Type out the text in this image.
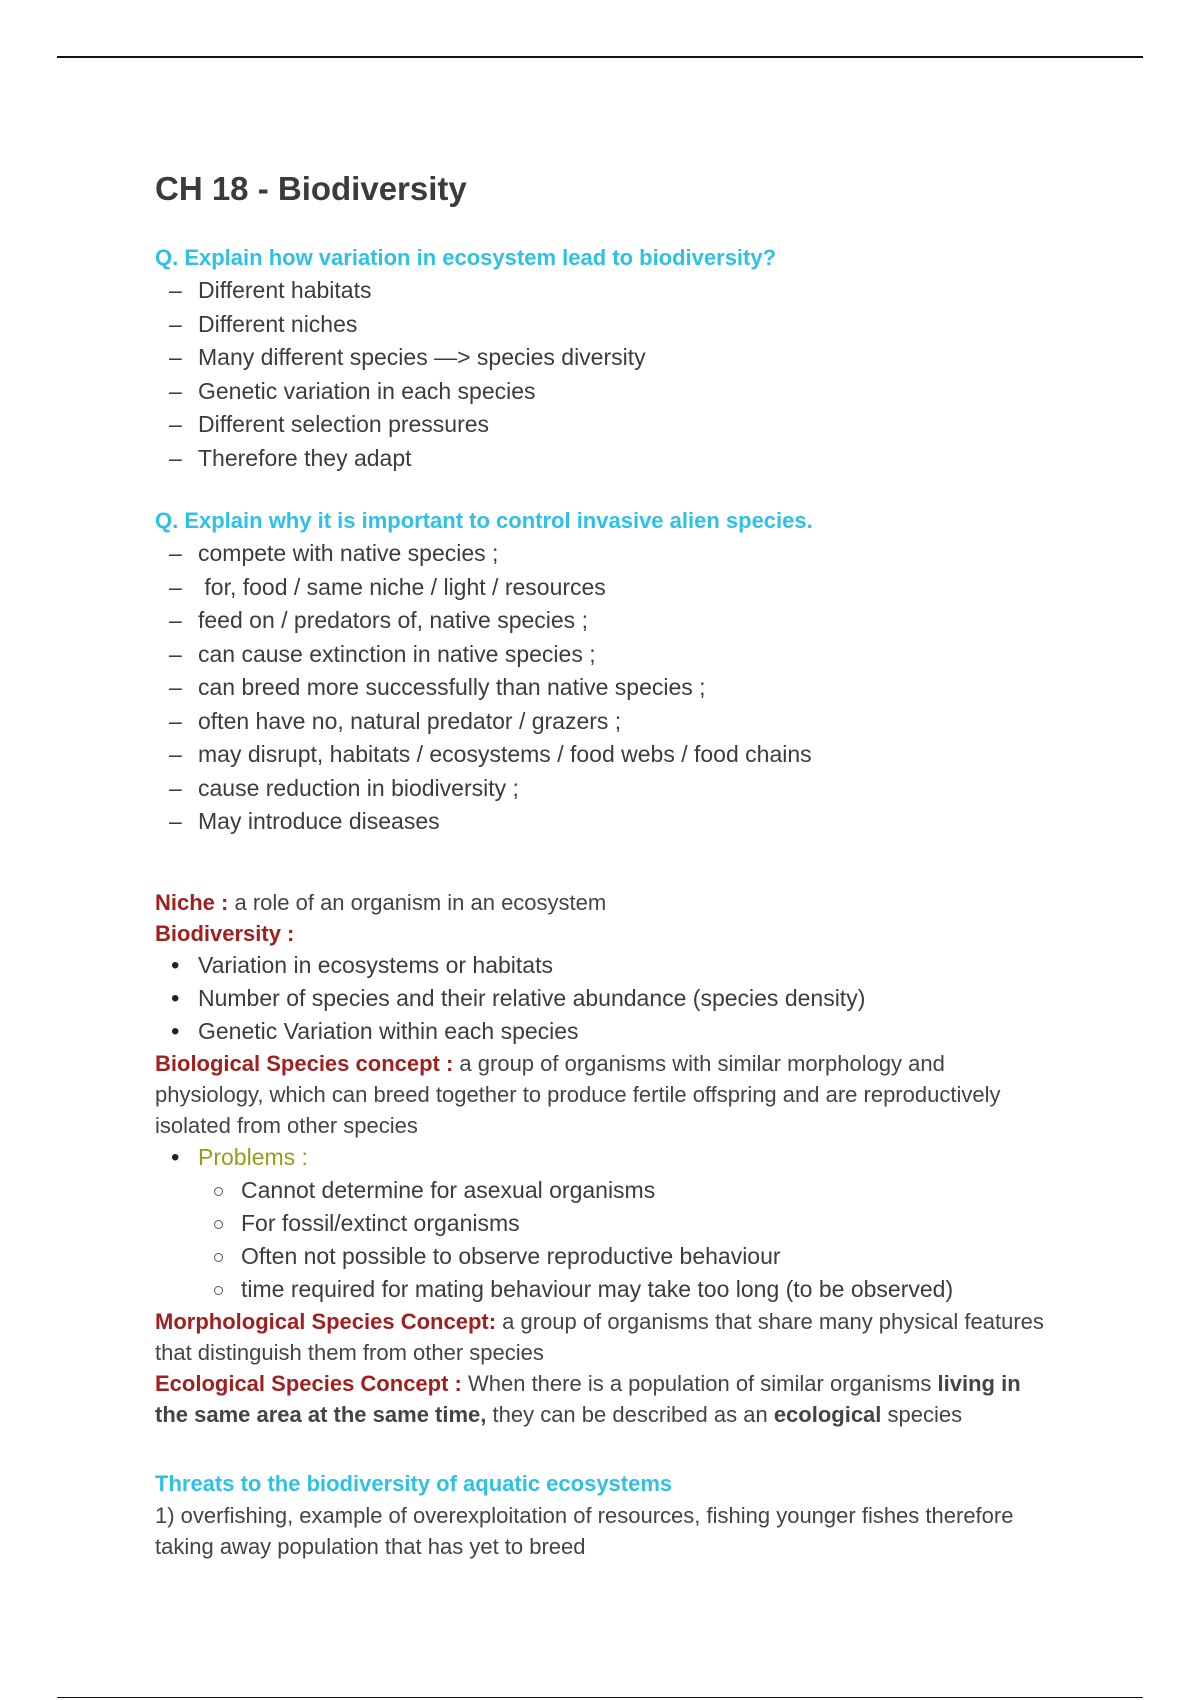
CH 18 - Biodiversity

Q. Explain how variation in ecosystem lead to biodiversity?

– Different habitats
– Different niches
– Many different species —> species diversity
– Genetic variation in each species
– Different selection pressures
– Therefore they adapt

Q. Explain why it is important to control invasive alien species.

– compete with native species ;
–  for, food / same niche / light / resources
– feed on / predators of, native species ;
– can cause extinction in native species ;
– can breed more successfully than native species ;
– often have no, natural predator / grazers ;
– may disrupt, habitats / ecosystems / food webs / food chains
– cause reduction in biodiversity ;
– May introduce diseases

Niche : a role of an organism in an ecosystem

Biodiversity :

• Variation in ecosystems or habitats
• Number of species and their relative abundance (species density)
• Genetic Variation within each species

Biological Species concept : a group of organisms with similar morphology and physiology, which can breed together to produce fertile offspring and are reproductively isolated from other species

• Problems :
Cannot determine for asexual organisms
For fossil/extinct organisms
Often not possible to observe reproductive behaviour
time required for mating behaviour may take too long (to be observed)

Morphological Species Concept: a group of organisms that share many physical features that distinguish them from other species

Ecological Species Concept : When there is a population of similar organisms living in the same area at the same time, they can be described as an ecological species

Threats to the biodiversity of aquatic ecosystems

1) overfishing, example of overexploitation of resources, fishing younger fishes therefore taking away population that has yet to breed
